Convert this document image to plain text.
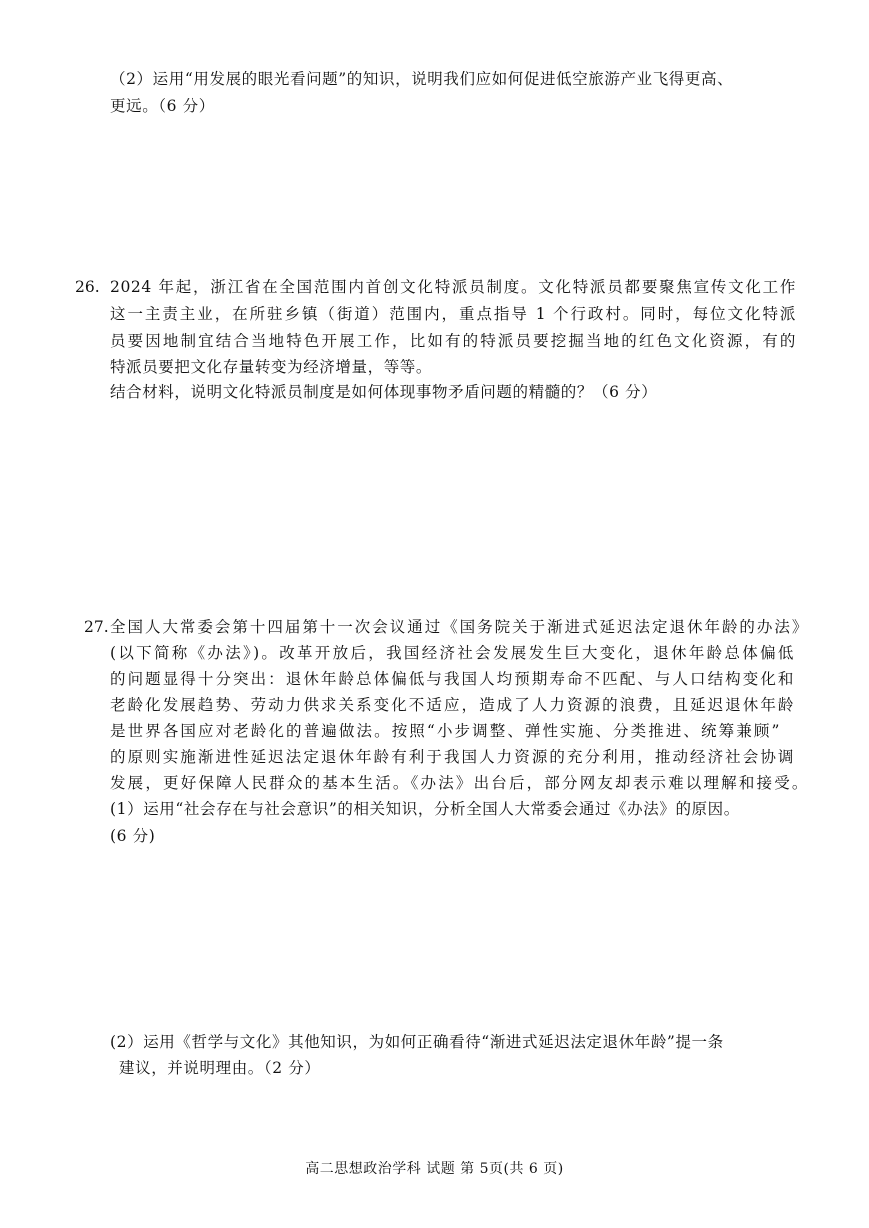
（2）运用“用发展的眼光看问题”的知识，说明我们应如何促进低空旅游产业飞得更高、
更远。（6 分）
26. 2024 年起，浙江省在全国范围内首创文化特派员制度。文化特派员都要聚焦宣传文化工作
这一主责主业，在所驻乡镇（街道）范围内，重点指导 1 个行政村。同时，每位文化特派
员要因地制宜结合当地特色开展工作，比如有的特派员要挖掘当地的红色文化资源，有的
特派员要把文化存量转变为经济增量，等等。
结合材料，说明文化特派员制度是如何体现事物矛盾问题的精髓的？（6 分）
27. 全国人大常委会第十四届第十一次会议通过《国务院关于渐进式延迟法定退休年龄的办法》
(以下简称《办法》)。改革开放后，我国经济社会发展发生巨大变化，退休年龄总体偏低
的问题显得十分突出：退休年龄总体偏低与我国人均预期寿命不匹配、与人口结构变化和
老龄化发展趋势、劳动力供求关系变化不适应，造成了人力资源的浪费，且延迟退休年龄
是世界各国应对老龄化的普遍做法。按照“小步调整、弹性实施、分类推进、统筹兼顾”
的原则实施渐进性延迟法定退休年龄有利于我国人力资源的充分利用，推动经济社会协调
发展，更好保障人民群众的基本生活。《办法》出台后，部分网友却表示难以理解和接受。
(1）运用“社会存在与社会意识”的相关知识，分析全国人大常委会通过《办法》的原因。
(6 分)
(2）运用《哲学与文化》其他知识，为如何正确看待“渐进式延迟法定退休年龄”提一条
建议，并说明理由。（2 分）
高二思想政治学科 试题 第 5页(共 6 页)
